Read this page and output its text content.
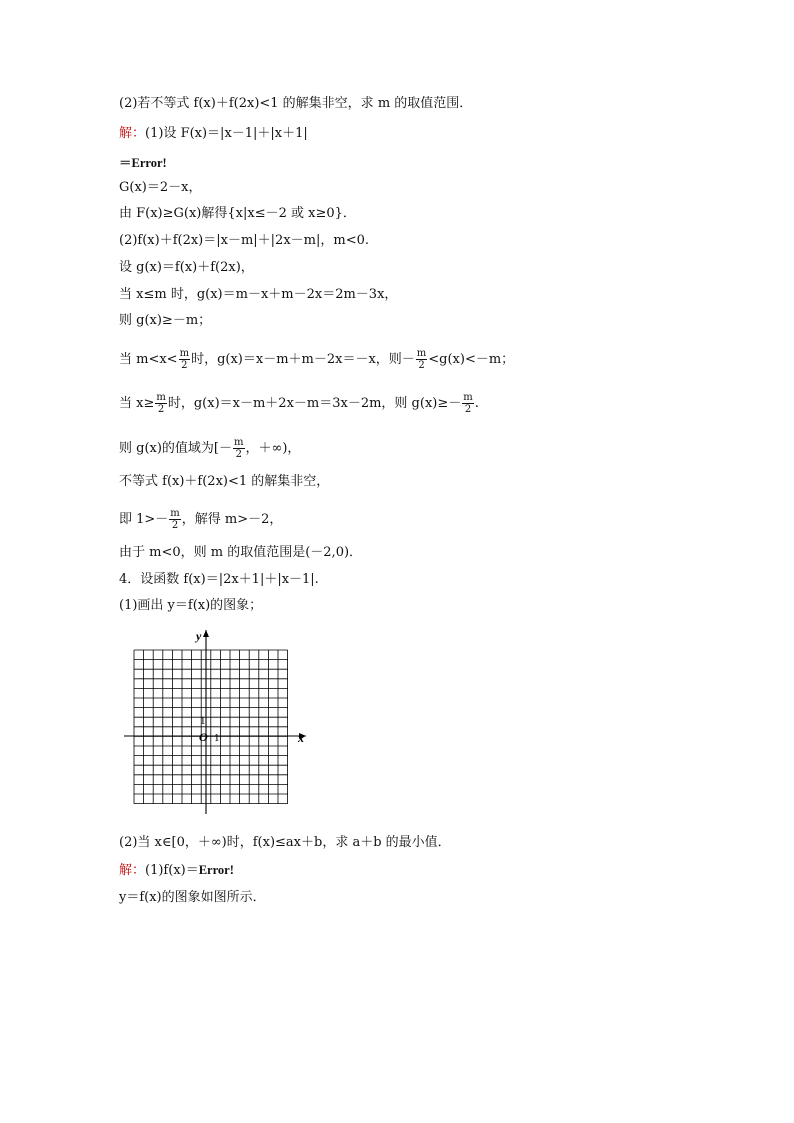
(2)若不等式 f(x)＋f(2x)<1 的解集非空，求 m 的取值范围．
解：(1)设 F(x)＝|x－1|＋|x＋1|
＝Error!
G(x)＝2－x，
由 F(x)≥G(x)解得{x|x≤－2 或 x≥0}．
(2)f(x)＋f(2x)＝|x－m|＋|2x－m|，m<0.
设 g(x)＝f(x)＋f(2x)，
当 x≤m 时，g(x)＝m－x＋m－2x＝2m－3x，
则 g(x)≥－m；
当 $m<x< \frac{m}{2}$ 时，g(x)＝x－m＋m－2x＝－x，则－ $\frac{m}{2} <g(x)<-m$；
当 $x\ge \frac{m}{2}$ 时，g(x)＝x－m＋2x－m＝3x－2m，则 $g(x)\ge- \frac{m}{2}$ .
则 g(x)的值域为[－ $\frac{m}{2}$ ，＋∞)，
不等式 f(x)＋f(2x)<1 的解集非空，
即 $1>- \frac{m}{2}$ ，解得 m>－2，
由于 m<0，则 m 的取值范围是(－2,0)．
4．设函数 f(x)＝|2x＋1|＋|x－1|.
(1)画出 y＝f(x)的图象；
y
x
O 1
1
(2)当 x∈[0，＋∞)时，f(x)≤ax＋b，求 a＋b 的最小值．
解：(1)f(x)＝Error!
y＝f(x)的图象如图所示．
